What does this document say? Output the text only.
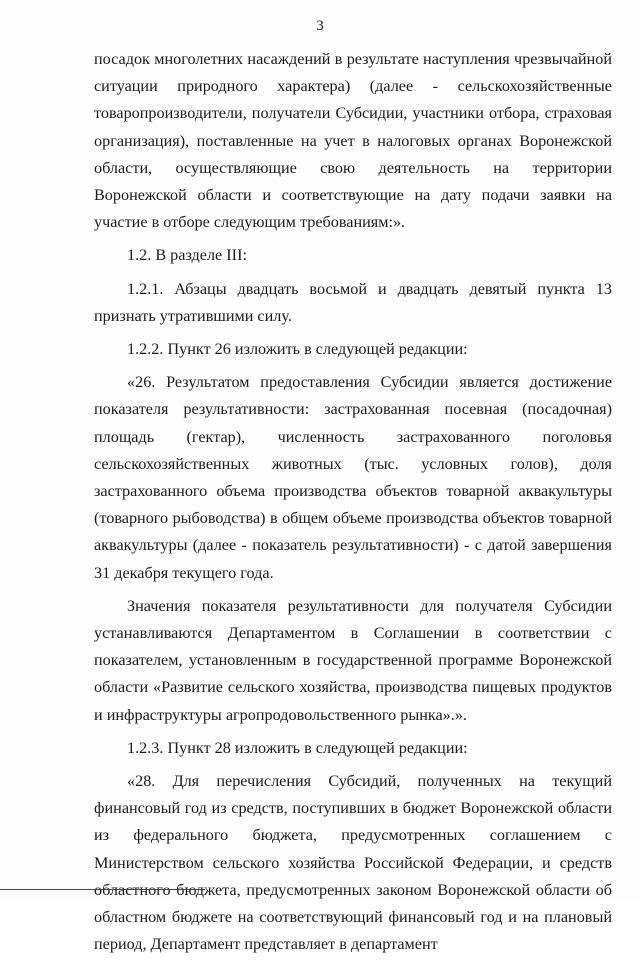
3

посадок многолетних насаждений в результате наступления чрезвычайной ситуации природного характера) (далее - сельскохозяйственные товаропроизводители, получатели Субсидии, участники отбора, страховая организация), поставленные на учет в налоговых органах Воронежской области, осуществляющие свою деятельность на территории Воронежской области и соответствующие на дату подачи заявки на участие в отборе следующим требованиям:».

1.2. В разделе III:

1.2.1. Абзацы двадцать восьмой и двадцать девятый пункта 13 признать утратившими силу.

1.2.2. Пункт 26 изложить в следующей редакции:

«26. Результатом предоставления Субсидии является достижение показателя результативности: застрахованная посевная (посадочная) площадь (гектар), численность застрахованного поголовья сельскохозяйственных животных (тыс. условных голов), доля застрахованного объема производства объектов товарной аквакультуры (товарного рыбоводства) в общем объеме производства объектов товарной аквакультуры (далее - показатель результативности) - с датой завершения 31 декабря текущего года.

Значения показателя результативности для получателя Субсидии устанавливаются Департаментом в Соглашении в соответствии с показателем, установленным в государственной программе Воронежской области «Развитие сельского хозяйства, производства пищевых продуктов и инфраструктуры агропродовольственного рынка».».

1.2.3. Пункт 28 изложить в следующей редакции:

«28. Для перечисления Субсидий, полученных на текущий финансовый год из средств, поступивших в бюджет Воронежской области из федерального бюджета, предусмотренных соглашением с Министерством сельского хозяйства Российской Федерации, и средств областного бюджета, предусмотренных законом Воронежской области об областном бюджете на соответствующий финансовый год и на плановый период, Департамент представляет в департамент
